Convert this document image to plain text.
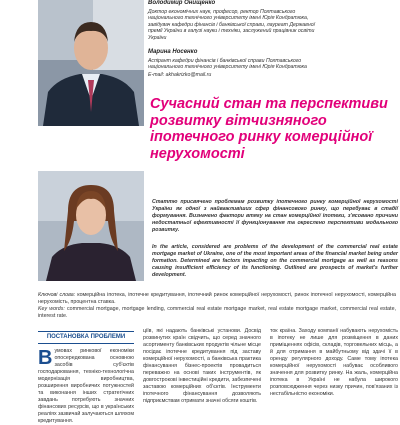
Володимир Онищенко
Доктор економічних наук, професор, ректор Полтавського національного технічного університету імені Юрія Кондратюка, завідувач кафедри фінансів і банківської справи, лауреат Державної премії України в галузі науки і техніки, заслужений працівник освіти України
Марина Носенко
Аспірант кафедри фінансів і банківської справи Полтавського національного технічного університету імені Юрія Кондратюка
E-mail: akhakrizko@mail.ru
Сучасний стан та перспективи розвитку вітчизняного іпотечного ринку комерційної нерухомості
Статтю присвячено проблемам розвитку іпотечного ринку комерційної нерухомості України як одної з найважливіших сфер фінансового ринку, що перебуває в стадії формування. Визначено фактори втягу на стан комерційної іпотеки, з'ясовано причини недостатньої ефективності її функціонування та окреслено перспективи модального розвитку.
In the article, considered are problems of the development of the commercial real estate mortgage market of Ukraine, one of the most important areas of the financial market being under formation. Determined are factors impacting on the commercial mortgage as well as reasons causing insufficient efficiency of its functioning. Outlined are prospects of market's further development.
Ключові слова: комерційна іпотека, іпотечне кредитування, іпотечний ринок комерційної нерухомості, ринок іпотечної нерухомості, комерційна нерухомість, процентна ставка.
Key words: commercial mortgage, mortgage lending, commercial real estate mortgage market, real estate mortgage market, commercial real estate, interest rate.
ПОСТАНОВКА ПРОБЛЕМИ
В умовах ринкової економіки опосередкована основною засобів суб'єктів господарювання, техніко-технологічна модернізація виробництва, розширення виробничих потужностей та виконання інших стратегічних завдань потребують значних фінансових ресурсів, що в українських реаліях зазвичай залучаються шляхом кредитування.
ціїв, які надають банківські установи. Досвід розвинутих країн свідчить, що серед значного асортименту банківських продуктів чільне місце посідає іпотечне кредитування під заставу комерційної нерухомості, а банківська практика фінансування бізнес-проектів провадиться переважно на основі таких інструментів, як довгострокові інвестиційні кредити, забезпечені заставою комерційних об'єктів. Інструменти іпотечного фінансування дозволяють підприємствам отримати значні обсяги коштів.
ток країна. Заходу компанії набувають нерухомість в іпотеку не лише для розміщення в даних приміщеннях офісів, складів, торговельних місць, а й для отримання в майбутньому від здачі її в оренду регулярного доходу. Саме тому іпотека комерційної нерухомості набуває особливого значення для розвитку ринку. На жаль, комерційна іпотека в Україні не набула широкого розповсюдження через низку причин, пов'язаних із нестабільністю економіки.
